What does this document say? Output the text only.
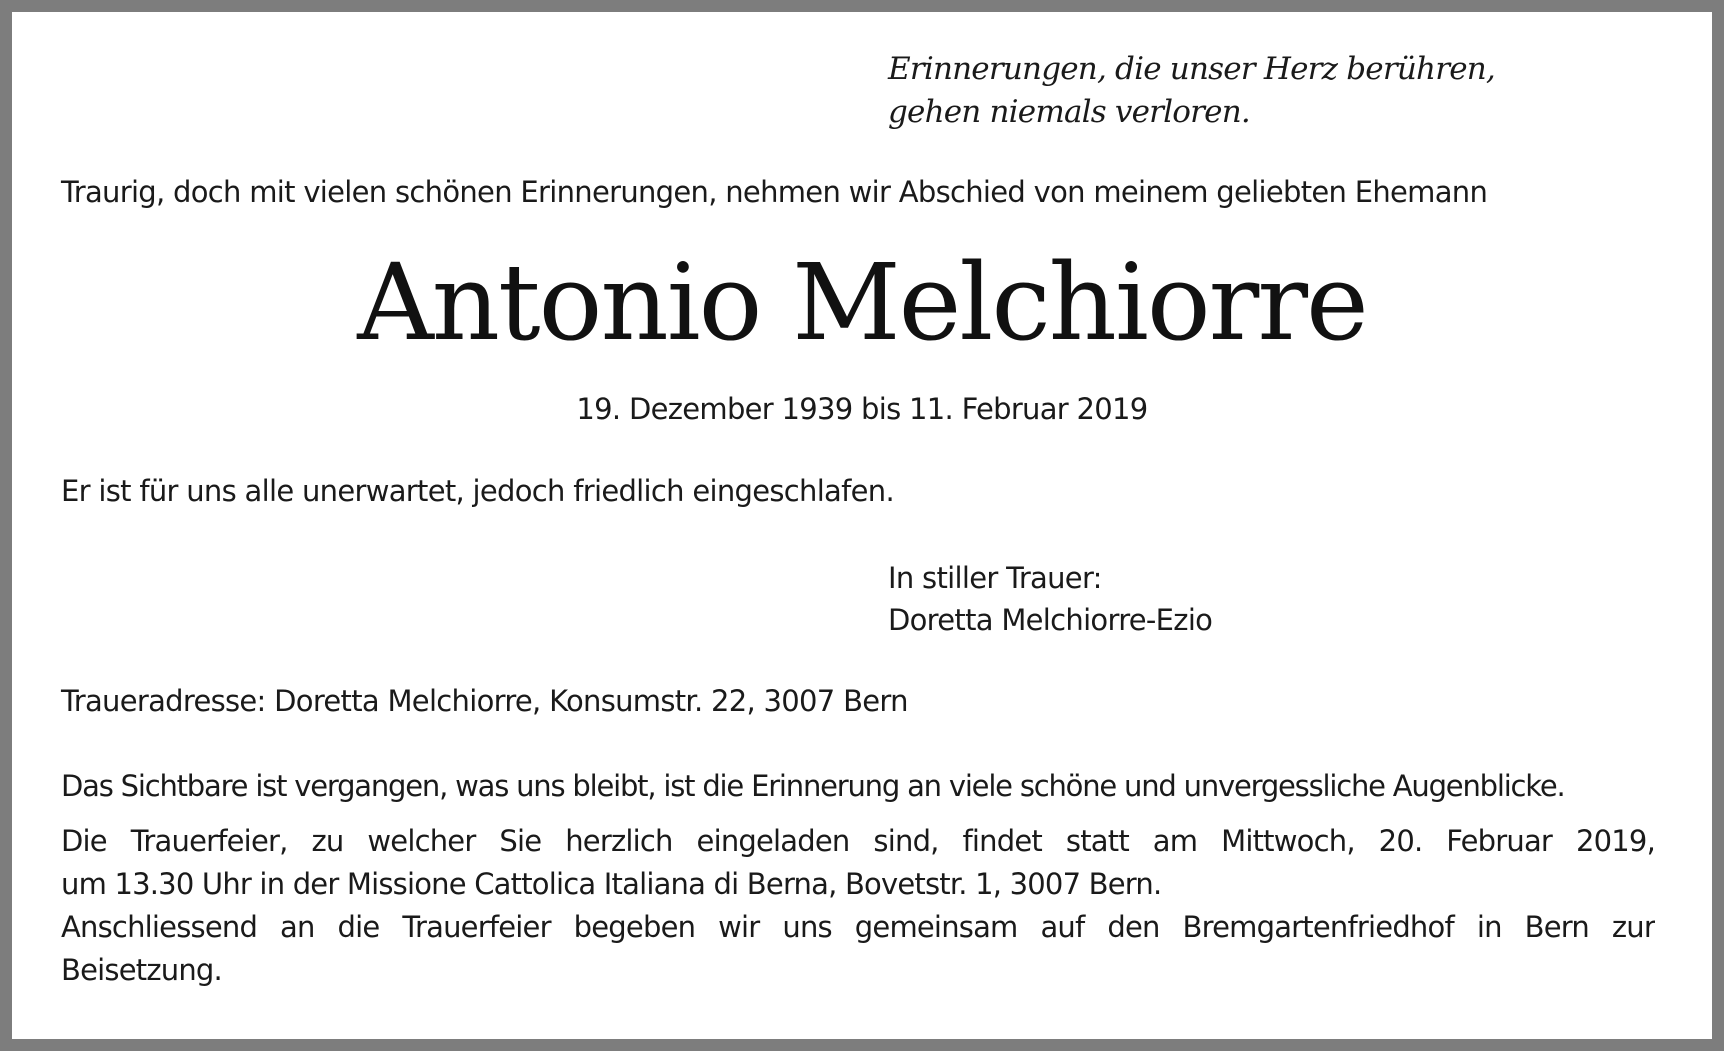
Erinnerungen, die unser Herz berühren,
gehen niemals verloren.
Traurig, doch mit vielen schönen Erinnerungen, nehmen wir Abschied von meinem geliebten Ehemann
Antonio Melchiorre
19. Dezember 1939 bis 11. Februar 2019
Er ist für uns alle unerwartet, jedoch friedlich eingeschlafen.
In stiller Trauer:
Doretta Melchiorre-Ezio
Traueradresse: Doretta Melchiorre, Konsumstr. 22, 3007 Bern
Das Sichtbare ist vergangen, was uns bleibt, ist die Erinnerung an viele schöne und unvergessliche Augenblicke.
Die Trauerfeier, zu welcher Sie herzlich eingeladen sind, findet statt am Mittwoch, 20. Februar 2019,
um 13.30 Uhr in der Missione Cattolica Italiana di Berna, Bovetstr. 1, 3007 Bern.
Anschliessend an die Trauerfeier begeben wir uns gemeinsam auf den Bremgartenfriedhof in Bern zur
Beisetzung.
